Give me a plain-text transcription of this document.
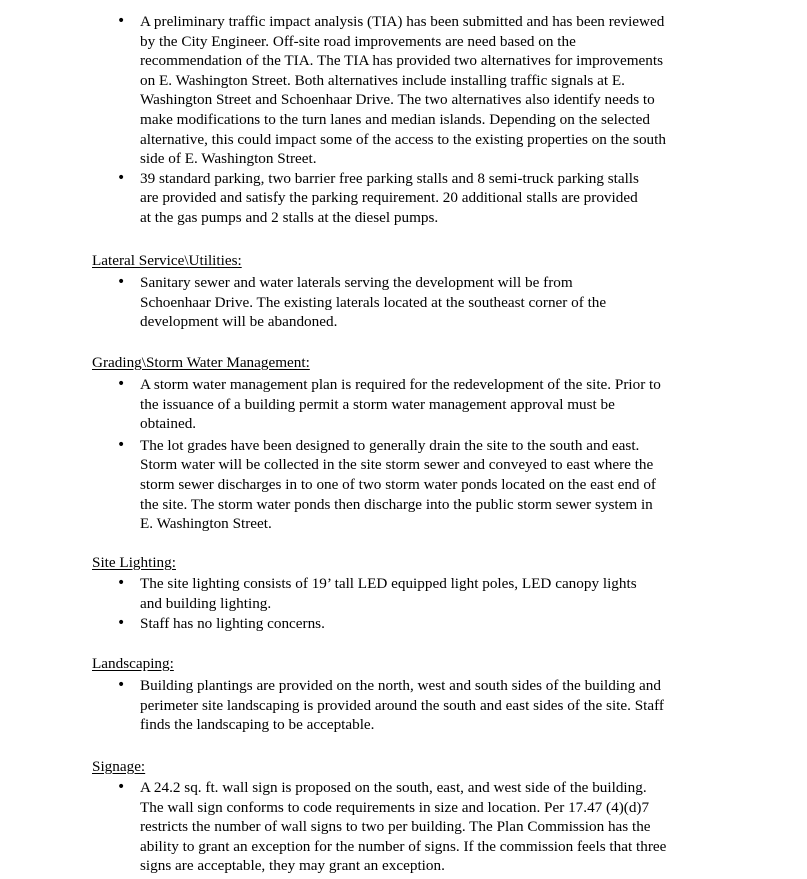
• A preliminary traffic impact analysis (TIA) has been submitted and has been reviewed
by the City Engineer. Off-site road improvements are need based on the
recommendation of the TIA. The TIA has provided two alternatives for improvements
on E. Washington Street. Both alternatives include installing traffic signals at E.
Washington Street and Schoenhaar Drive. The two alternatives also identify needs to
make modifications to the turn lanes and median islands. Depending on the selected
alternative, this could impact some of the access to the existing properties on the south
side of E. Washington Street.
• 39 standard parking, two barrier free parking stalls and 8 semi-truck parking stalls
are provided and satisfy the parking requirement. 20 additional stalls are provided
at the gas pumps and 2 stalls at the diesel pumps.
Lateral Service\Utilities:
• Sanitary sewer and water laterals serving the development will be from
Schoenhaar Drive. The existing laterals located at the southeast corner of the
development will be abandoned.
Grading\Storm Water Management:
• A storm water management plan is required for the redevelopment of the site. Prior to
the issuance of a building permit a storm water management approval must be
obtained.
• The lot grades have been designed to generally drain the site to the south and east.
Storm water will be collected in the site storm sewer and conveyed to east where the
storm sewer discharges in to one of two storm water ponds located on the east end of
the site. The storm water ponds then discharge into the public storm sewer system in
E. Washington Street.
Site Lighting:
• The site lighting consists of 19’ tall LED equipped light poles, LED canopy lights
and building lighting.
• Staff has no lighting concerns.
Landscaping:
• Building plantings are provided on the north, west and south sides of the building and
perimeter site landscaping is provided around the south and east sides of the site. Staff
finds the landscaping to be acceptable.
Signage:
• A 24.2 sq. ft. wall sign is proposed on the south, east, and west side of the building.
The wall sign conforms to code requirements in size and location. Per 17.47 (4)(d)7
restricts the number of wall signs to two per building. The Plan Commission has the
ability to grant an exception for the number of signs. If the commission feels that three
signs are acceptable, they may grant an exception.
